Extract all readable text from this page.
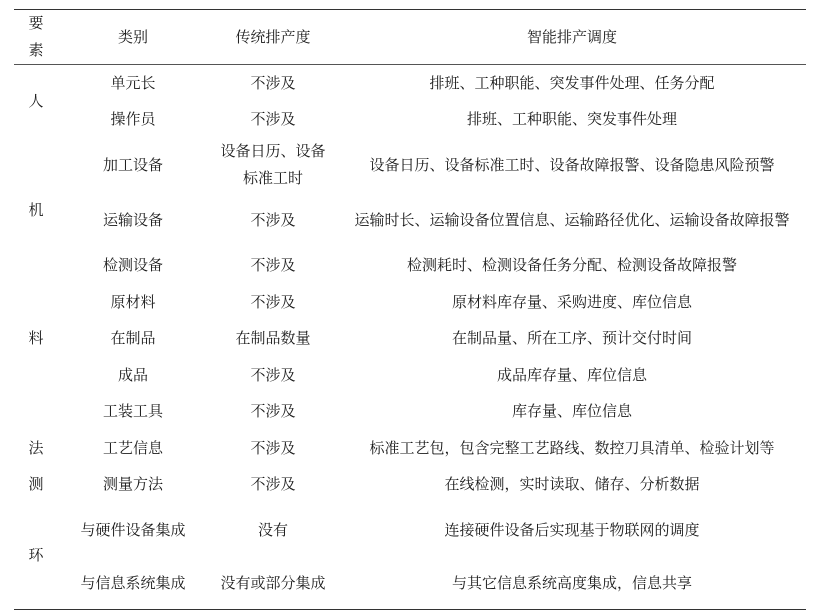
要素	类别	传统排产度	智能排产调度
人	单元长	不涉及	排班、工种职能、突发事件处理、任务分配
	操作员	不涉及	排班、工种职能、突发事件处理
机	加工设备	设备日历、设备标准工时	设备日历、设备标准工时、设备故障报警、设备隐患风险预警
	运输设备	不涉及	运输时长、运输设备位置信息、运输路径优化、运输设备故障报警
	检测设备	不涉及	检测耗时、检测设备任务分配、检测设备故障报警
料	原材料	不涉及	原材料库存量、采购进度、库位信息
	在制品	在制品数量	在制品量、所在工序、预计交付时间
	成品	不涉及	成品库存量、库位信息
	工装工具	不涉及	库存量、库位信息
法	工艺信息	不涉及	标准工艺包，包含完整工艺路线、数控刀具清单、检验计划等
测	测量方法	不涉及	在线检测，实时读取、储存、分析数据
环	与硬件设备集成	没有	连接硬件设备后实现基于物联网的调度
	与信息系统集成	没有或部分集成	与其它信息系统高度集成，信息共享
